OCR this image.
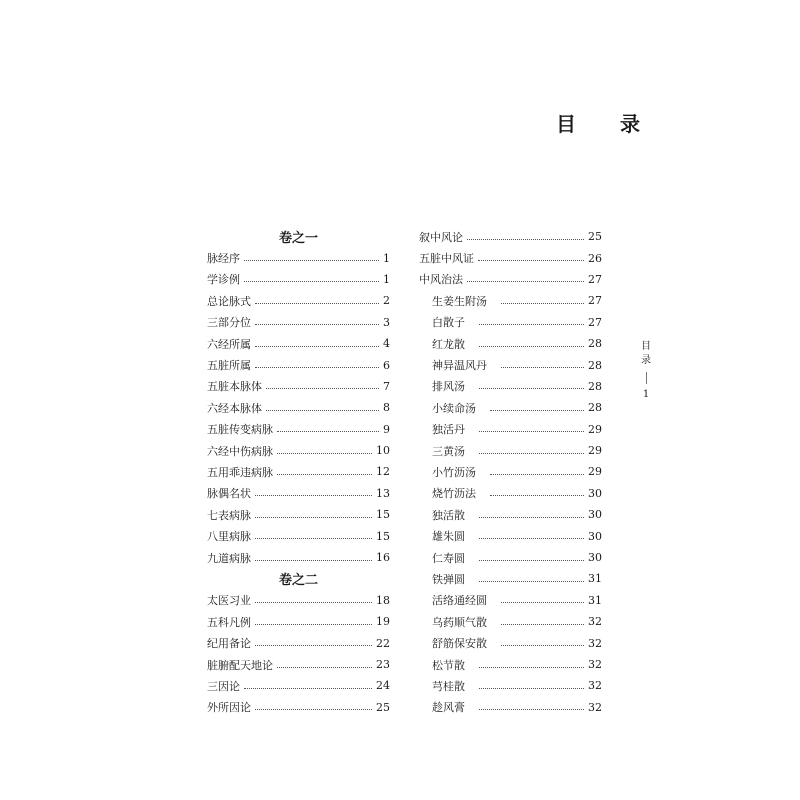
目　录
卷之一
脉经序	1
学诊例	1
总论脉式	2
三部分位	3
六经所属	4
五脏所属	6
五脏本脉体	7
六经本脉体	8
五脏传变病脉	9
六经中伤病脉	10
五用乖违病脉	12
脉偶名状	13
七表病脉	15
八里病脉	15
九道病脉	16
卷之二
太医习业	18
五科凡例	19
纪用备论	22
脏腑配天地论	23
三因论	24
外所因论	25
叙中风论	25
五脏中风证	26
中风治法	27
生姜生附汤	27
白散子	27
红龙散	28
神异温风丹	28
排风汤	28
小续命汤	28
独活丹	29
三黄汤	29
小竹沥汤	29
烧竹沥法	30
独活散	30
雄朱圆	30
仁寿圆	30
铁弹圆	31
活络通经圆	31
乌药顺气散	32
舒筋保安散	32
松节散	32
芎桂散	32
趁风膏	32
目
录
1
